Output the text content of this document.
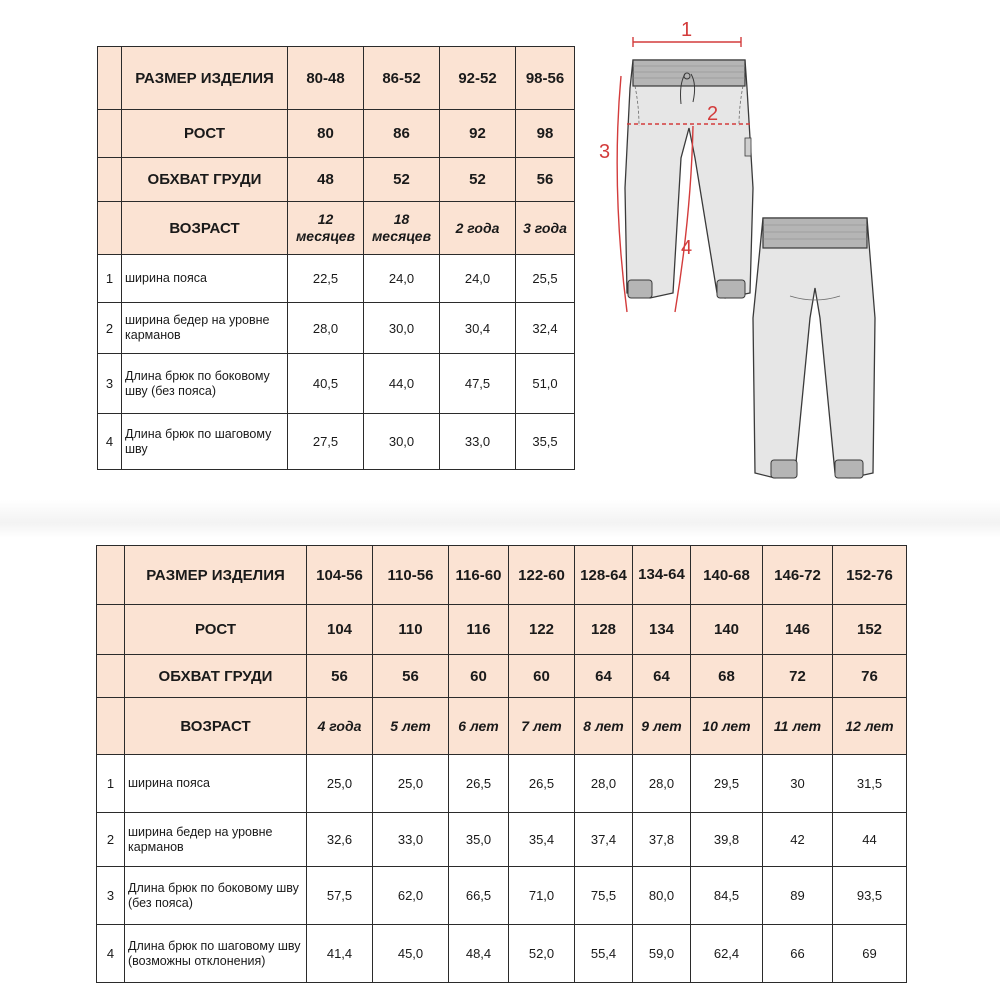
	РАЗМЕР ИЗДЕЛИЯ	80-48	86-52	92-52	98-56
	РОСТ	80	86	92	98
	ОБХВАТ ГРУДИ	48	52	52	56
	ВОЗРАСТ	12 месяцев	18 месяцев	2 года	3 года
1	ширина пояса	22,5	24,0	24,0	25,5
2	ширина бедер на уровне карманов	28,0	30,0	30,4	32,4
3	Длина брюк по боковому шву (без пояса)	40,5	44,0	47,5	51,0
4	Длина брюк по шаговому шву	27,5	30,0	33,0	35,5
1
2
3
4
	РАЗМЕР ИЗДЕЛИЯ	104-56	110-56	116-60	122-60	128-64	134-64	140-68	146-72	152-76
	РОСТ	104	110	116	122	128	134	140	146	152
	ОБХВАТ ГРУДИ	56	56	60	60	64	64	68	72	76
	ВОЗРАСТ	4 года	5 лет	6 лет	7 лет	8 лет	9 лет	10 лет	11 лет	12 лет
1	ширина пояса	25,0	25,0	26,5	26,5	28,0	28,0	29,5	30	31,5
2	ширина бедер на уровне карманов	32,6	33,0	35,0	35,4	37,4	37,8	39,8	42	44
3	Длина брюк по боковому шву (без пояса)	57,5	62,0	66,5	71,0	75,5	80,0	84,5	89	93,5
4	Длина брюк по шаговому шву (возможны отклонения)	41,4	45,0	48,4	52,0	55,4	59,0	62,4	66	69
